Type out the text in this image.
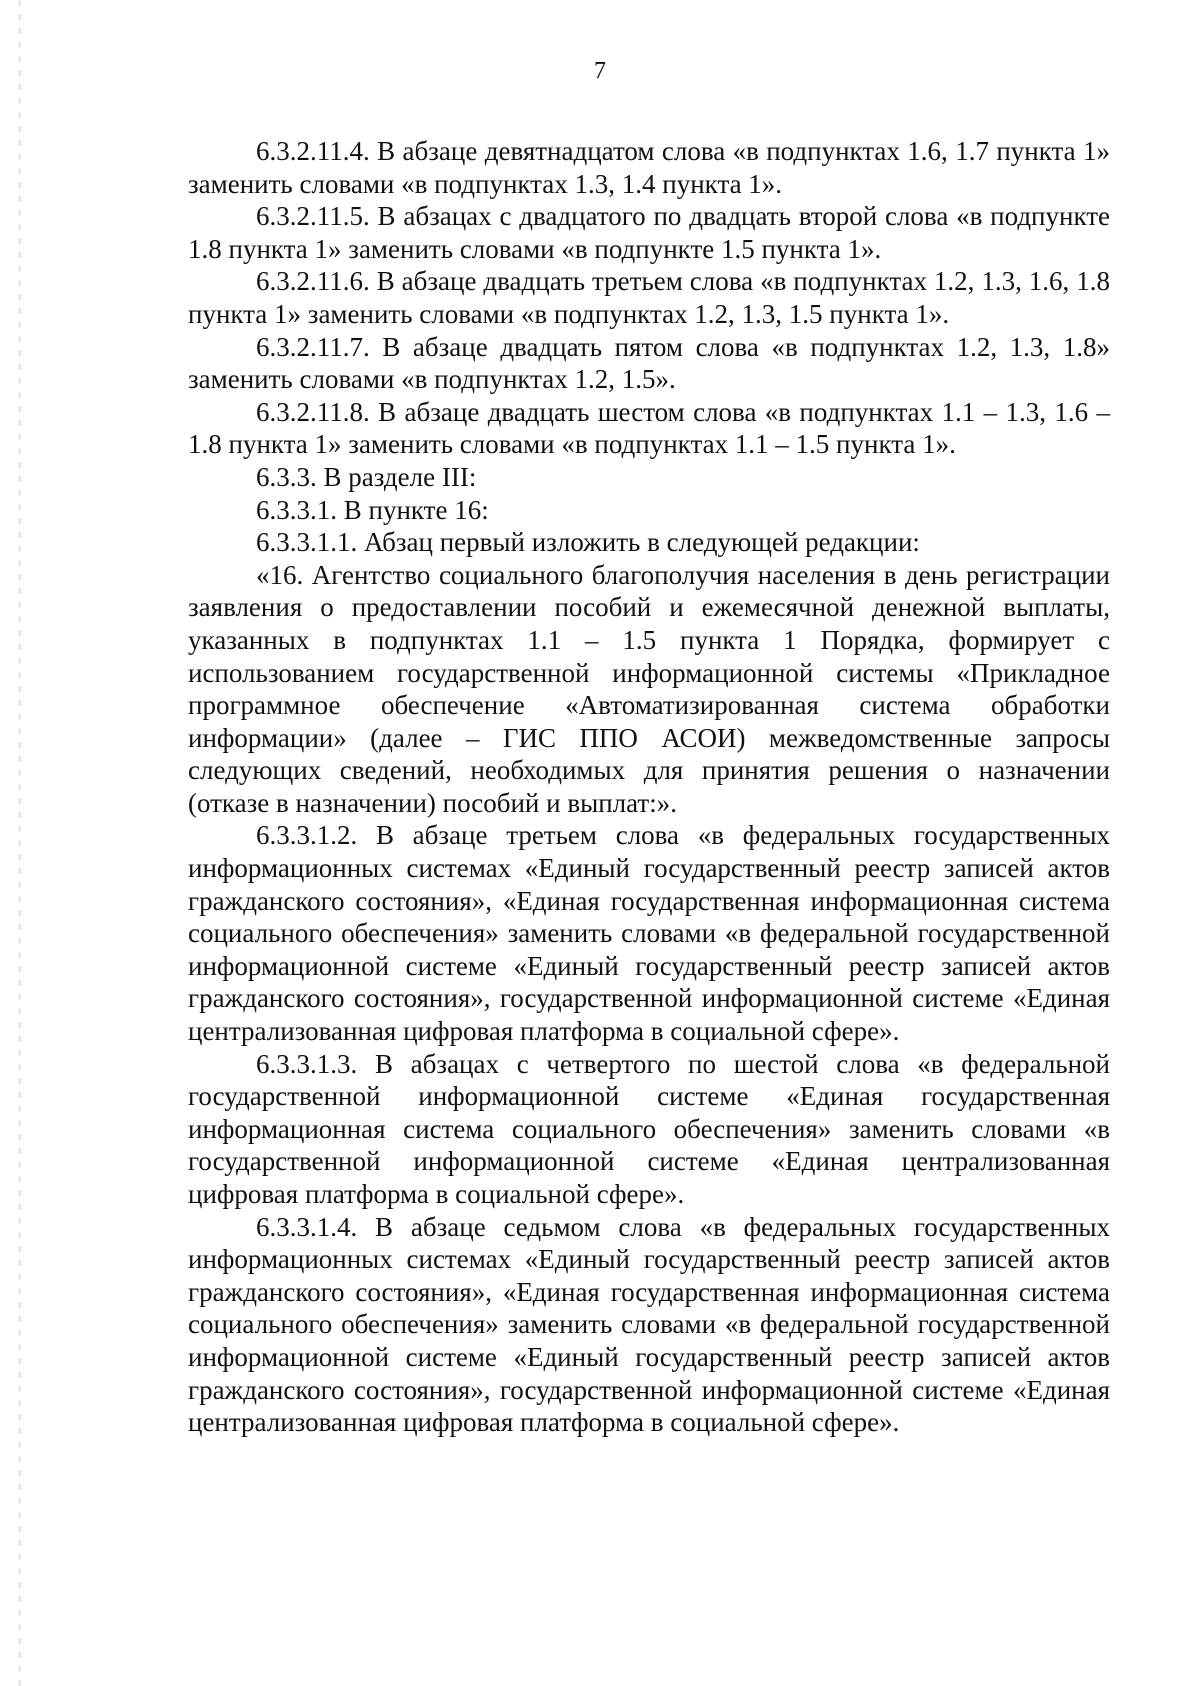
7

6.3.2.11.4. В абзаце девятнадцатом слова «в подпунктах 1.6, 1.7 пункта 1» заменить словами «в подпунктах 1.3, 1.4 пункта 1».

6.3.2.11.5. В абзацах с двадцатого по двадцать второй слова «в подпункте 1.8 пункта 1» заменить словами «в подпункте 1.5 пункта 1».

6.3.2.11.6. В абзаце двадцать третьем слова «в подпунктах 1.2, 1.3, 1.6, 1.8 пункта 1» заменить словами «в подпунктах 1.2, 1.3, 1.5 пункта 1».

6.3.2.11.7. В абзаце двадцать пятом слова «в подпунктах 1.2, 1.3, 1.8» заменить словами «в подпунктах 1.2, 1.5».

6.3.2.11.8. В абзаце двадцать шестом слова «в подпунктах 1.1 – 1.3, 1.6 – 1.8 пункта 1» заменить словами «в подпунктах 1.1 – 1.5 пункта 1».

6.3.3. В разделе III:

6.3.3.1. В пункте 16:

6.3.3.1.1. Абзац первый изложить в следующей редакции:

«16. Агентство социального благополучия населения в день регистрации заявления о предоставлении пособий и ежемесячной денежной выплаты, указанных в подпунктах 1.1 – 1.5 пункта 1 Порядка, формирует с использованием государственной информационной системы «Прикладное программное обеспечение «Автоматизированная система обработки информации» (далее – ГИС ППО АСОИ) межведомственные запросы следующих сведений, необходимых для принятия решения о назначении (отказе в назначении) пособий и выплат:».

6.3.3.1.2. В абзаце третьем слова «в федеральных государственных информационных системах «Единый государственный реестр записей актов гражданского состояния», «Единая государственная информационная система социального обеспечения» заменить словами «в федеральной государственной информационной системе «Единый государственный реестр записей актов гражданского состояния», государственной информационной системе «Единая централизованная цифровая платформа в социальной сфере».

6.3.3.1.3. В абзацах с четвертого по шестой слова «в федеральной государственной информационной системе «Единая государственная информационная система социального обеспечения» заменить словами «в государственной информационной системе «Единая централизованная цифровая платформа в социальной сфере».

6.3.3.1.4. В абзаце седьмом слова «в федеральных государственных информационных системах «Единый государственный реестр записей актов гражданского состояния», «Единая государственная информационная система социального обеспечения» заменить словами «в федеральной государственной информационной системе «Единый государственный реестр записей актов гражданского состояния», государственной информационной системе «Единая централизованная цифровая платформа в социальной сфере».
